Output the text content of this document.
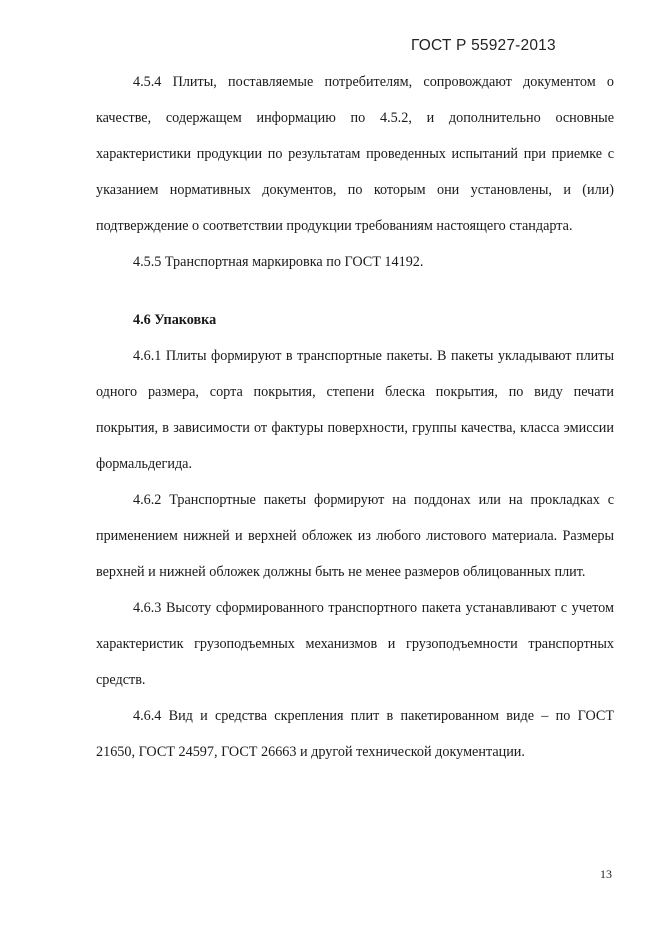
ГОСТ Р 55927-2013

4.5.4 Плиты, поставляемые потребителям, сопровождают документом о качестве, содержащем информацию по 4.5.2, и дополнительно основные характеристики продукции по результатам проведенных испытаний при приемке с указанием нормативных документов, по которым они установлены, и (или) подтверждение о соответствии продукции требованиям настоящего стандарта.

4.5.5 Транспортная маркировка по ГОСТ 14192.

4.6 Упаковка

4.6.1 Плиты формируют в транспортные пакеты. В пакеты укладывают плиты одного размера, сорта покрытия, степени блеска покрытия, по виду печати покрытия, в зависимости от фактуры поверхности, группы качества, класса эмиссии формальдегида.

4.6.2 Транспортные пакеты формируют на поддонах или на прокладках с применением нижней и верхней обложек из любого листового материала. Размеры верхней и нижней обложек должны быть не менее размеров облицованных плит.

4.6.3 Высоту сформированного транспортного пакета устанавливают с учетом характеристик грузоподъемных механизмов и грузоподъемности транспортных средств.

4.6.4 Вид и средства скрепления плит в пакетированном виде – по ГОСТ 21650, ГОСТ 24597, ГОСТ 26663 и другой технической документации.

13
